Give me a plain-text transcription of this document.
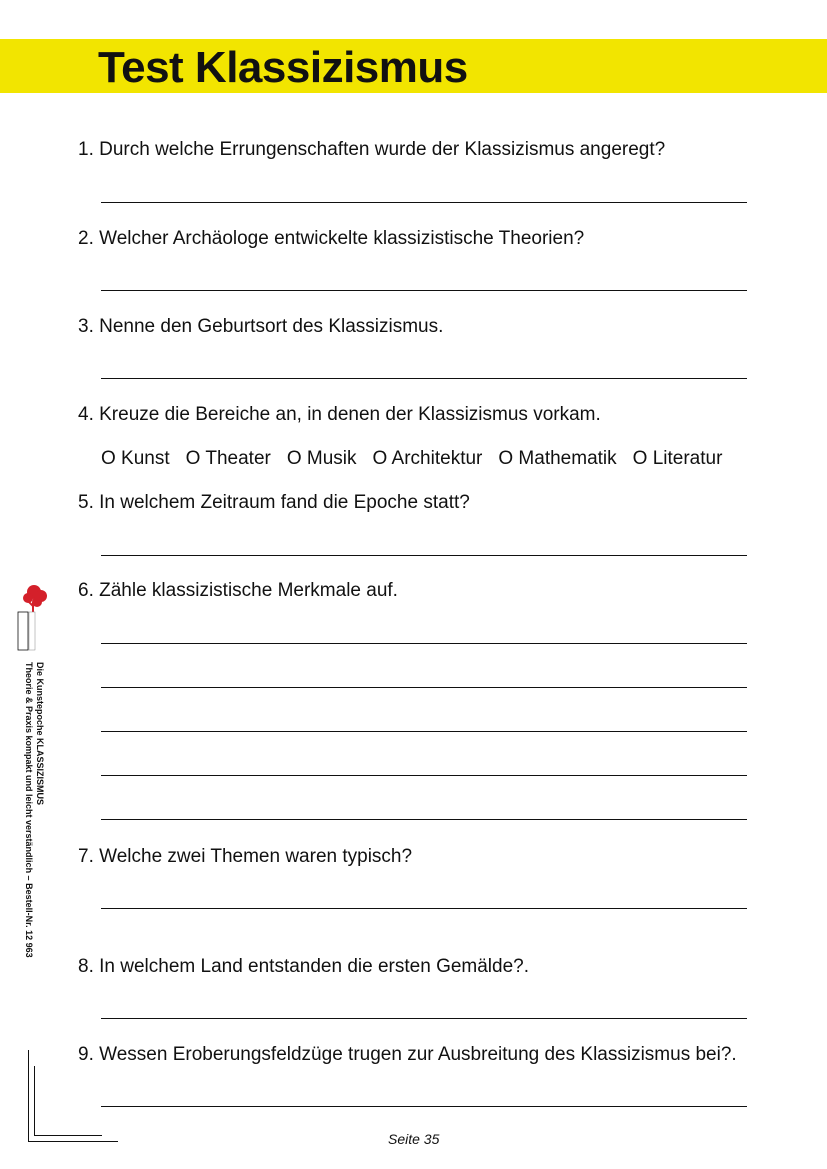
Test Klassizismus
1. Durch welche Errungenschaften wurde der Klassizismus angeregt?
2. Welcher Archäologe entwickelte klassizistische Theorien?
3. Nenne den Geburtsort des Klassizismus.
4. Kreuze die Bereiche an, in denen der Klassizismus vorkam.
O Kunst O Theater O Musik O Architektur O Mathematik O Literatur
5. In welchem Zeitraum fand die Epoche statt?
6. Zähle klassizistische Merkmale auf.
7. Welche zwei Themen waren typisch?
8. In welchem Land entstanden die ersten Gemälde?.
9. Wessen Eroberungsfeldzüge trugen zur Ausbreitung des Klassizismus bei?.
Die Kunstepoche KLASSIZISMUS
Theorie & Praxis kompakt und leicht verständlich – Bestell-Nr. 12 963
Seite 35
